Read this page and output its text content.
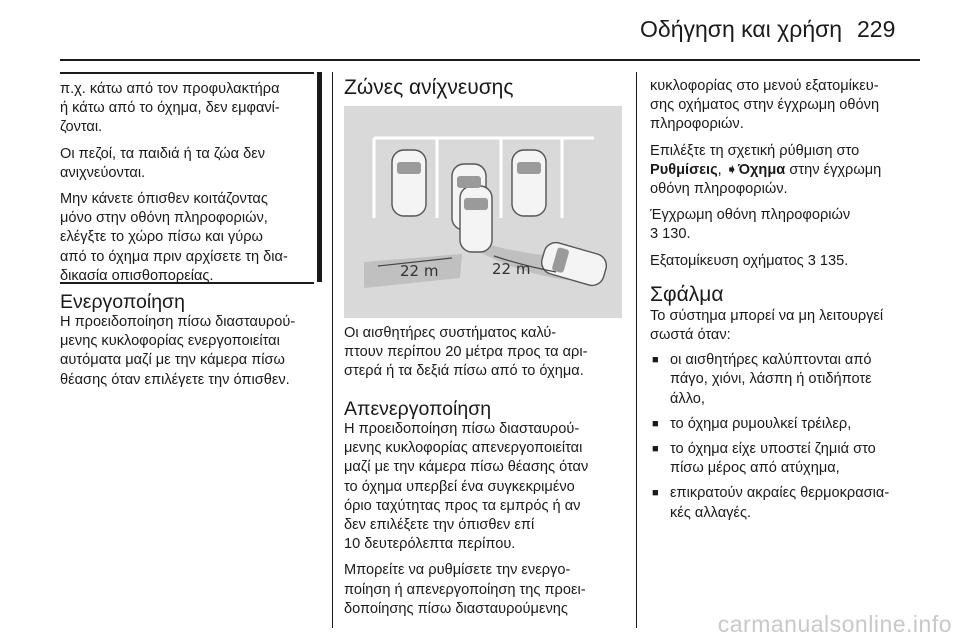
Οδήγηση και χρήση 229

π.χ. κάτω από τον προφυλακτήρα

ή κάτω από το όχημα, δεν εμφανί-

ζονται.

Οι πεζοί, τα παιδιά ή τα ζώα δεν

ανιχνεύονται.

Μην κάνετε όπισθεν κοιτάζοντας

μόνο στην οθόνη πληροφοριών,

ελέγξτε το χώρο πίσω και γύρω

από το όχημα πριν αρχίσετε τη δια-

δικασία οπισθοπορείας.

Ενεργοποίηση

Η προειδοποίηση πίσω διασταυρού-

μενης κυκλοφορίας ενεργοποιείται

αυτόματα μαζί με την κάμερα πίσω

θέασης όταν επιλέγετε την όπισθεν.

Ζώνες ανίχνευσης

22 m	22 m

Οι αισθητήρες συστήματος καλύ-

πτουν περίπου 20 μέτρα προς τα αρι-

στερά ή τα δεξιά πίσω από το όχημα.

Απενεργοποίηση

Η προειδοποίηση πίσω διασταυρού-

μενης κυκλοφορίας απενεργοποιείται

μαζί με την κάμερα πίσω θέασης όταν

το όχημα υπερβεί ένα συγκεκριμένο

όριο ταχύτητας προς τα εμπρός ή αν

δεν επιλέξετε την όπισθεν επί

10 δευτερόλεπτα περίπου.

Μπορείτε να ρυθμίσετε την ενεργο-

ποίηση ή απενεργοποίηση της προει-

δοποίησης πίσω διασταυρούμενης

κυκλοφορίας στο μενού εξατομίκευ-

σης οχήματος στην έγχρωμη οθόνη

πληροφοριών.

Επιλέξτε τη σχετική ρύθμιση στο

Ρυθμίσεις, ➧Όχημα στην έγχρωμη

οθόνη πληροφοριών.

Έγχρωμη οθόνη πληροφοριών

3 130.

Εξατομίκευση οχήματος 3 135.

Σφάλμα

Το σύστημα μπορεί να μη λειτουργεί

σωστά όταν:

■ οι αισθητήρες καλύπτονται από
πάγο, χιόνι, λάσπη ή οτιδήποτε
άλλο,
■ το όχημα ρυμουλκεί τρέιλερ,
■ το όχημα είχε υποστεί ζημιά στο
πίσω μέρος από ατύχημα,
■ επικρατούν ακραίες θερμοκρασια-
κές αλλαγές.
carmanualsonline.info
